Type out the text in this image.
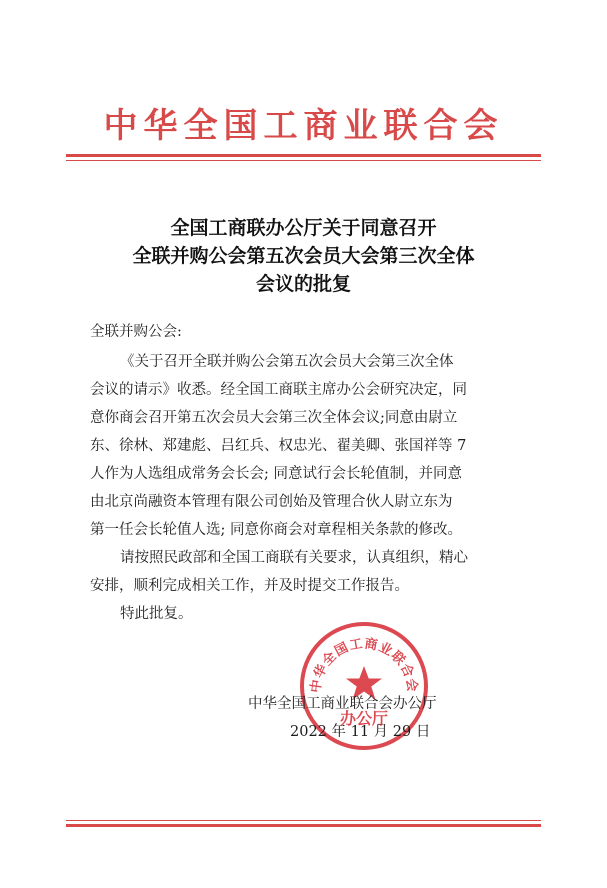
中华全国工商业联合会
全国工商联办公厅关于同意召开
全联并购公会第五次会员大会第三次全体
会议的批复
全联并购公会:
《关于召开全联并购公会第五次会员大会第三次全体
会议的请示》收悉。经全国工商联主席办公会研究决定，同
意你商会召开第五次会员大会第三次全体会议;同意由尉立
东、徐林、郑建彪、吕红兵、权忠光、翟美卿、张国祥等 7
人作为人选组成常务会长会; 同意试行会长轮值制，并同意
由北京尚融资本管理有限公司创始及管理合伙人尉立东为
第一任会长轮值人选; 同意你商会对章程相关条款的修改。
请按照民政部和全国工商联有关要求，认真组织，精心
安排，顺利完成相关工作，并及时提交工作报告。
特此批复。
中华全国工商业联合会
办公厅
中华全国工商业联合会办公厅
2022 年 11 月 29 日
